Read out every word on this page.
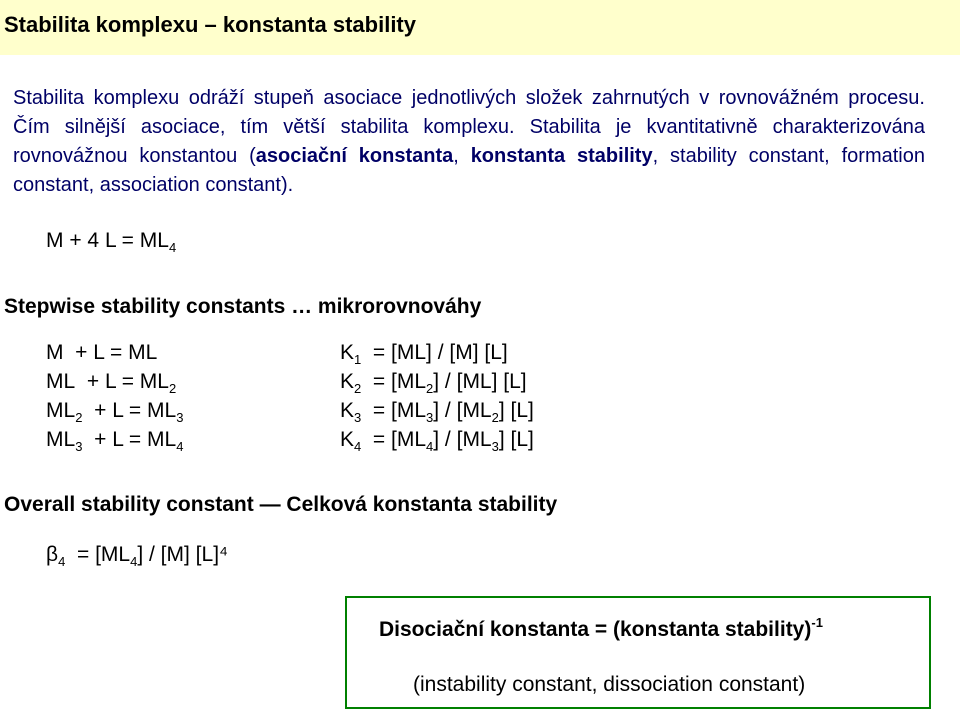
Stabilita komplexu – konstanta stability
Stabilita komplexu odráží stupeň asociace jednotlivých složek zahrnutých v rovnovážném procesu. Čím silnější asociace, tím větší stabilita komplexu. Stabilita je kvantitativně charakterizována rovnovážnou konstantou (asociační konstanta, konstanta stability, stability constant, formation constant, association constant).
M + 4 $L = ML_4$
Stepwise stability constants … mikrorovnováhy
M + L = ML	$K_1 = [ML] / [M]$ [L]
ML + $L = ML_2$	$K_2 = [ML_2] / [ML]$ [L]
$ML_2 + L = ML_3$	$K_3 = [ML_3] / [ML_2]$ [L]
$ML_3 + L = ML_4$	$K_4 = [ML_4] / [ML_3]$ [L]
Overall stability constant — Celková konstanta stability
$\beta_4 = [ML_4] / [M]$ [L]⁴
Disociační konstanta = (konstanta stability)$^{-1}$
(instability constant, dissociation constant)
